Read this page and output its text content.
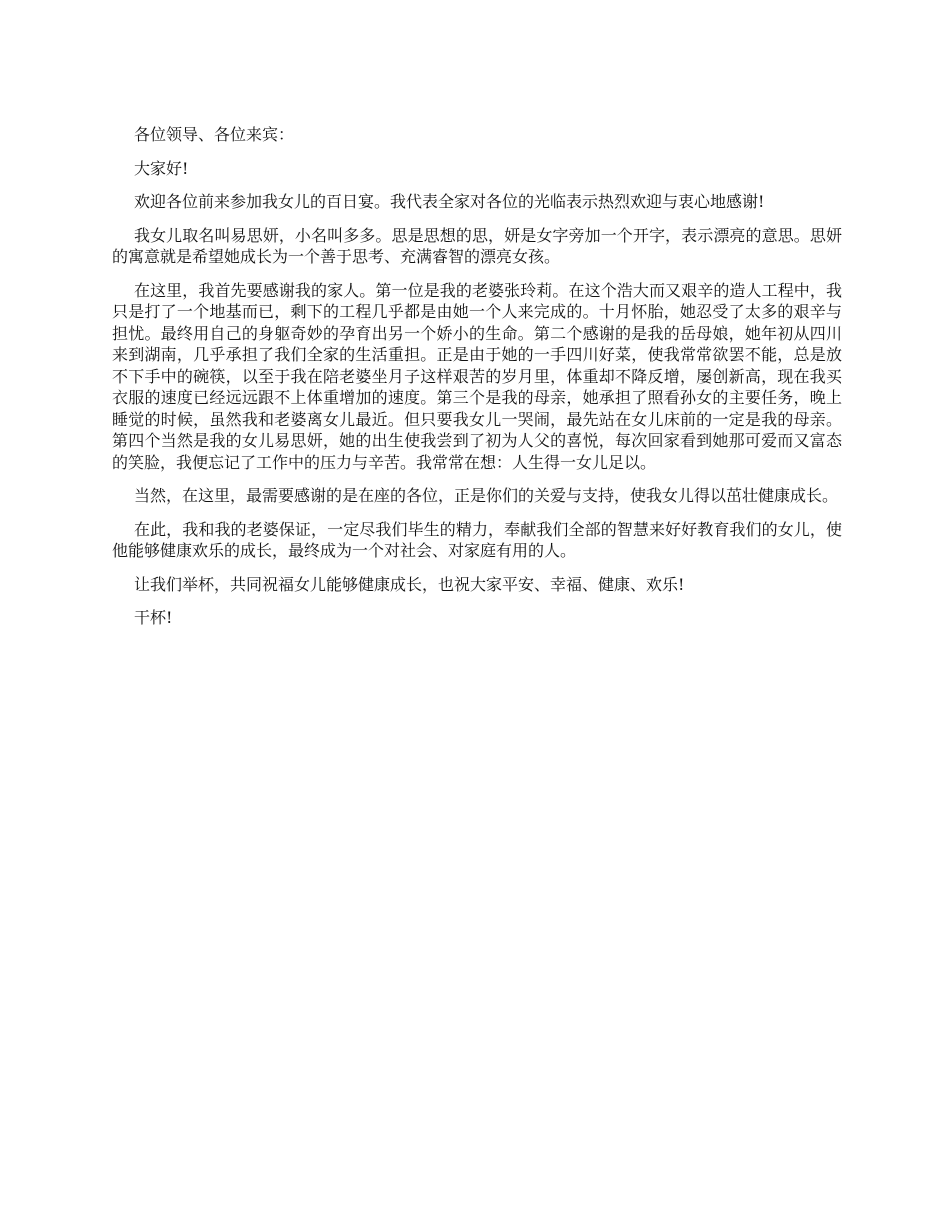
各位领导、各位来宾：

大家好!

欢迎各位前来参加我女儿的百日宴。我代表全家对各位的光临表示热烈欢迎与衷心地感谢!

我女儿取名叫易思妍，小名叫多多。思是思想的思，妍是女字旁加一个开字，表示漂亮的意思。思妍的寓意就是希望她成长为一个善于思考、充满睿智的漂亮女孩。

在这里，我首先要感谢我的家人。第一位是我的老婆张玲莉。在这个浩大而又艰辛的造人工程中，我只是打了一个地基而已，剩下的工程几乎都是由她一个人来完成的。十月怀胎，她忍受了太多的艰辛与担忧。最终用自己的身躯奇妙的孕育出另一个娇小的生命。第二个感谢的是我的岳母娘，她年初从四川来到湖南，几乎承担了我们全家的生活重担。正是由于她的一手四川好菜，使我常常欲罢不能，总是放不下手中的碗筷，以至于我在陪老婆坐月子这样艰苦的岁月里，体重却不降反增，屡创新高，现在我买衣服的速度已经远远跟不上体重增加的速度。第三个是我的母亲，她承担了照看孙女的主要任务，晚上睡觉的时候，虽然我和老婆离女儿最近。但只要我女儿一哭闹，最先站在女儿床前的一定是我的母亲。第四个当然是我的女儿易思妍，她的出生使我尝到了初为人父的喜悦，每次回家看到她那可爱而又富态的笑脸，我便忘记了工作中的压力与辛苦。我常常在想：人生得一女儿足以。

当然，在这里，最需要感谢的是在座的各位，正是你们的关爱与支持，使我女儿得以茁壮健康成长。

在此，我和我的老婆保证，一定尽我们毕生的精力，奉献我们全部的智慧来好好教育我们的女儿，使他能够健康欢乐的成长，最终成为一个对社会、对家庭有用的人。

让我们举杯，共同祝福女儿能够健康成长，也祝大家平安、幸福、健康、欢乐!

干杯!
